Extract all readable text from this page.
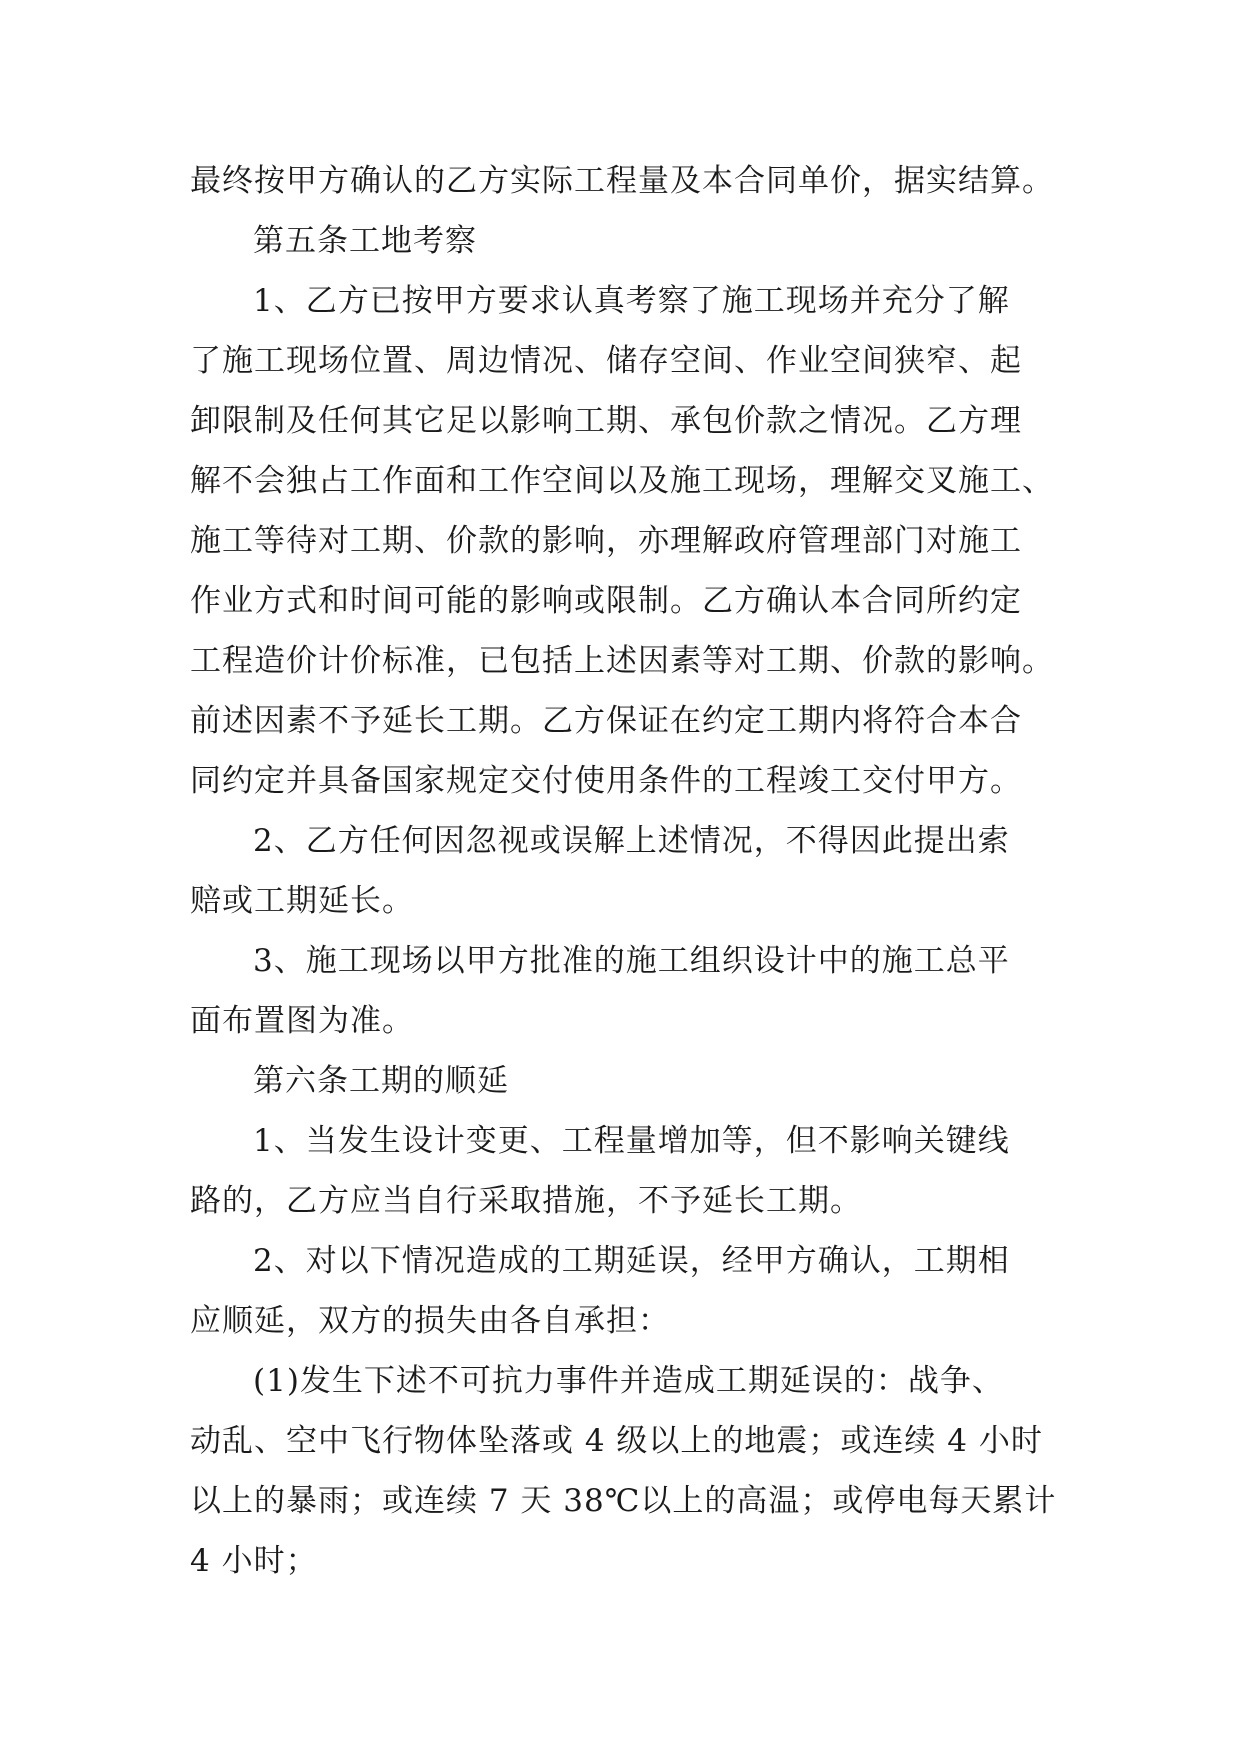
最终按甲方确认的乙方实际工程量及本合同单价，据实结算。
第五条工地考察
1、乙方已按甲方要求认真考察了施工现场并充分了解
了施工现场位置、周边情况、储存空间、作业空间狭窄、起
卸限制及任何其它足以影响工期、承包价款之情况。乙方理
解不会独占工作面和工作空间以及施工现场，理解交叉施工、
施工等待对工期、价款的影响，亦理解政府管理部门对施工
作业方式和时间可能的影响或限制。乙方确认本合同所约定
工程造价计价标准，已包括上述因素等对工期、价款的影响。
前述因素不予延长工期。乙方保证在约定工期内将符合本合
同约定并具备国家规定交付使用条件的工程竣工交付甲方。
2、乙方任何因忽视或误解上述情况，不得因此提出索
赔或工期延长。
3、施工现场以甲方批准的施工组织设计中的施工总平
面布置图为准。
第六条工期的顺延
1、当发生设计变更、工程量增加等，但不影响关键线
路的，乙方应当自行采取措施，不予延长工期。
2、对以下情况造成的工期延误，经甲方确认，工期相
应顺延，双方的损失由各自承担：
(1)发生下述不可抗力事件并造成工期延误的：战争、
动乱、空中飞行物体坠落或 4 级以上的地震；或连续 4 小时
以上的暴雨；或连续 7 天 38℃以上的高温；或停电每天累计
4 小时；
